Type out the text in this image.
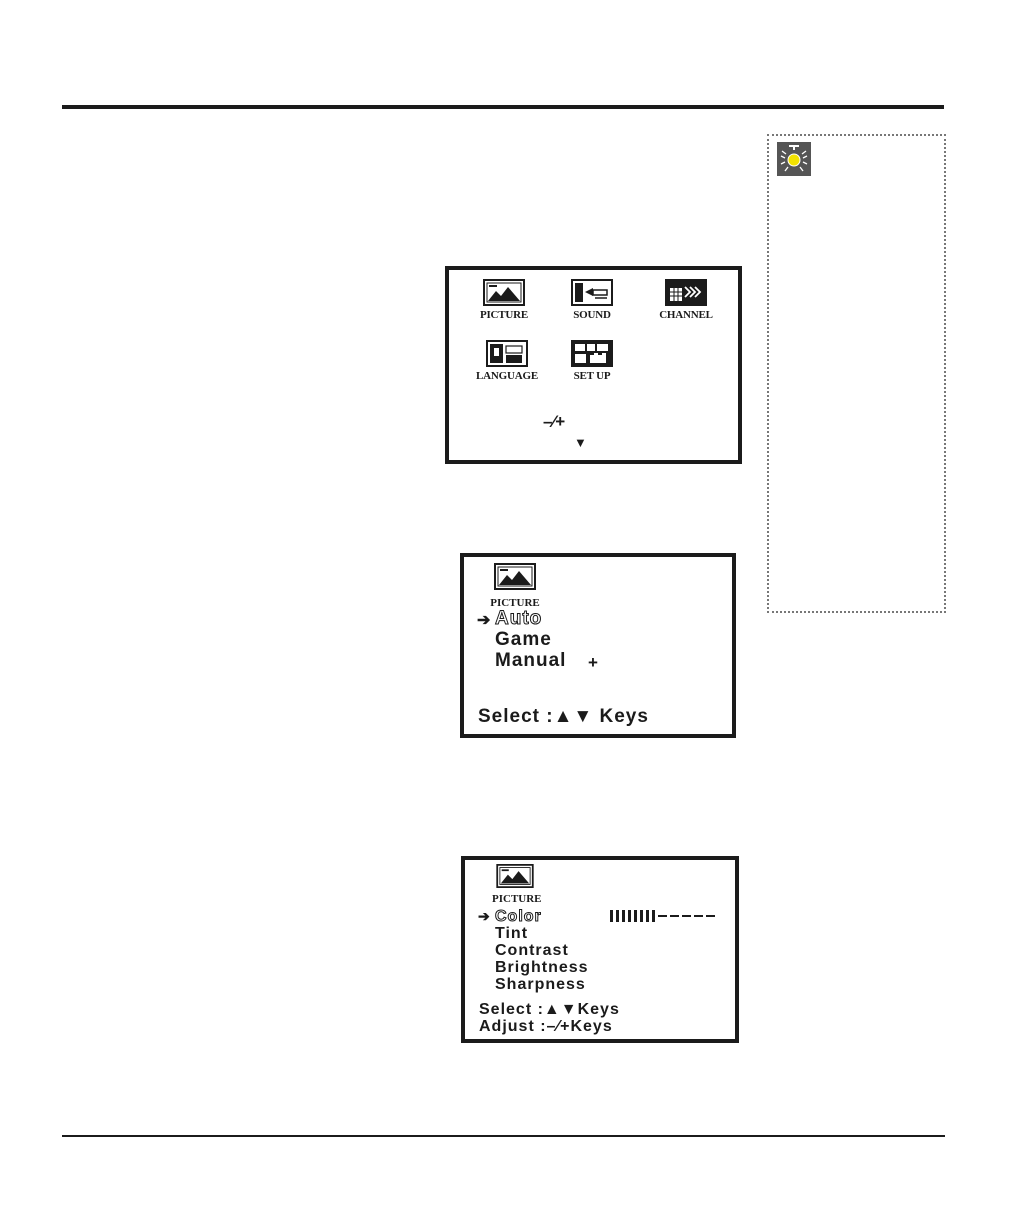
PICTURE	SOUND	CHANNEL
LANGUAGE	SET UP
–⁄+
▼
PICTURE
➔ Auto
Game
Manual +
Select :▲▼ Keys
PICTURE
➔ Color
Tint
Contrast
Brightness
Sharpness
Select :▲▼Keys
Adjust :–⁄+Keys
